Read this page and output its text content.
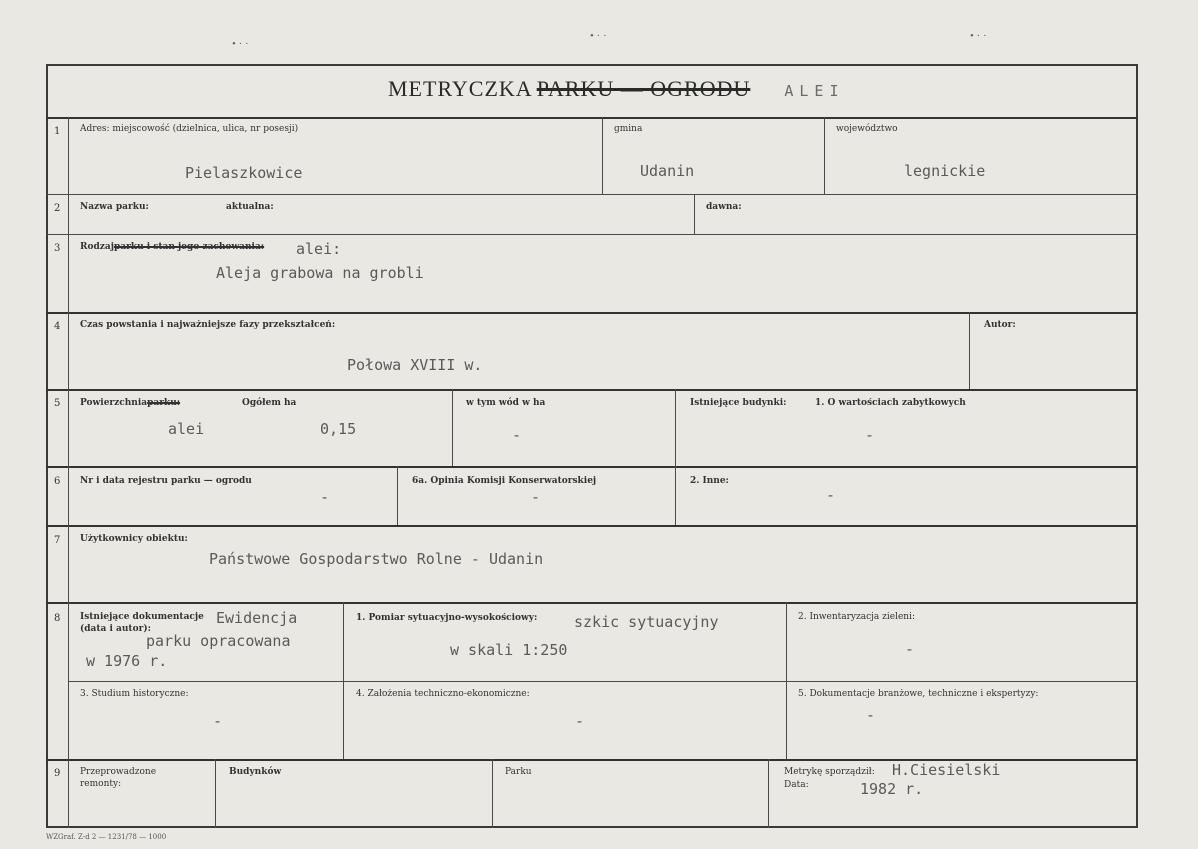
• · ·
• · ·	• · ·
METRYCZKA PARKU — OGRODU ALEI
1 Adres: miejscowość (dzielnica, ulica, nr posesji)
Pielaszkowice
gmina
Udanin
województwo
legnickie
2 Nazwa parku:	aktualna:	dawna:
3 Rodzajparku i stan jego zachowania: alei:
Aleja grabowa na grobli
4 Czas powstania i najważniejsze fazy przekształceń:
Połowa XVIII w.
Autor:
5 Powierzchniaparku:	Ogółem ha
alei	0,15
w tym wód w ha
-
Istniejące budynki:	1. O wartościach zabytkowych
-
6 Nr i data rejestru parku — ogrodu
-
6a. Opinia Komisji Konserwatorskiej
-
2. Inne:
-
7 Użytkownicy obiektu:
Państwowe Gospodarstwo Rolne - Udanin
8 Istniejące dokumentacje
(data i autor):
Ewidencja
parku opracowana
w 1976 r.
1. Pomiar sytuacyjno-wysokościowy: szkic sytuacyjny
w skali 1:250
2. Inwentaryzacja zieleni:
-
3. Studium historyczne:
-
4. Założenia techniczno-ekonomiczne:
-
5. Dokumentacje branżowe, techniczne i ekspertyzy:
-
9 Przeprowadzone
remonty:
Budynków	Parku	Metrykę sporządził: H.Ciesielski
Data:	1982 r.
WZGraf. Z-d 2 — 1231/78 — 1000
